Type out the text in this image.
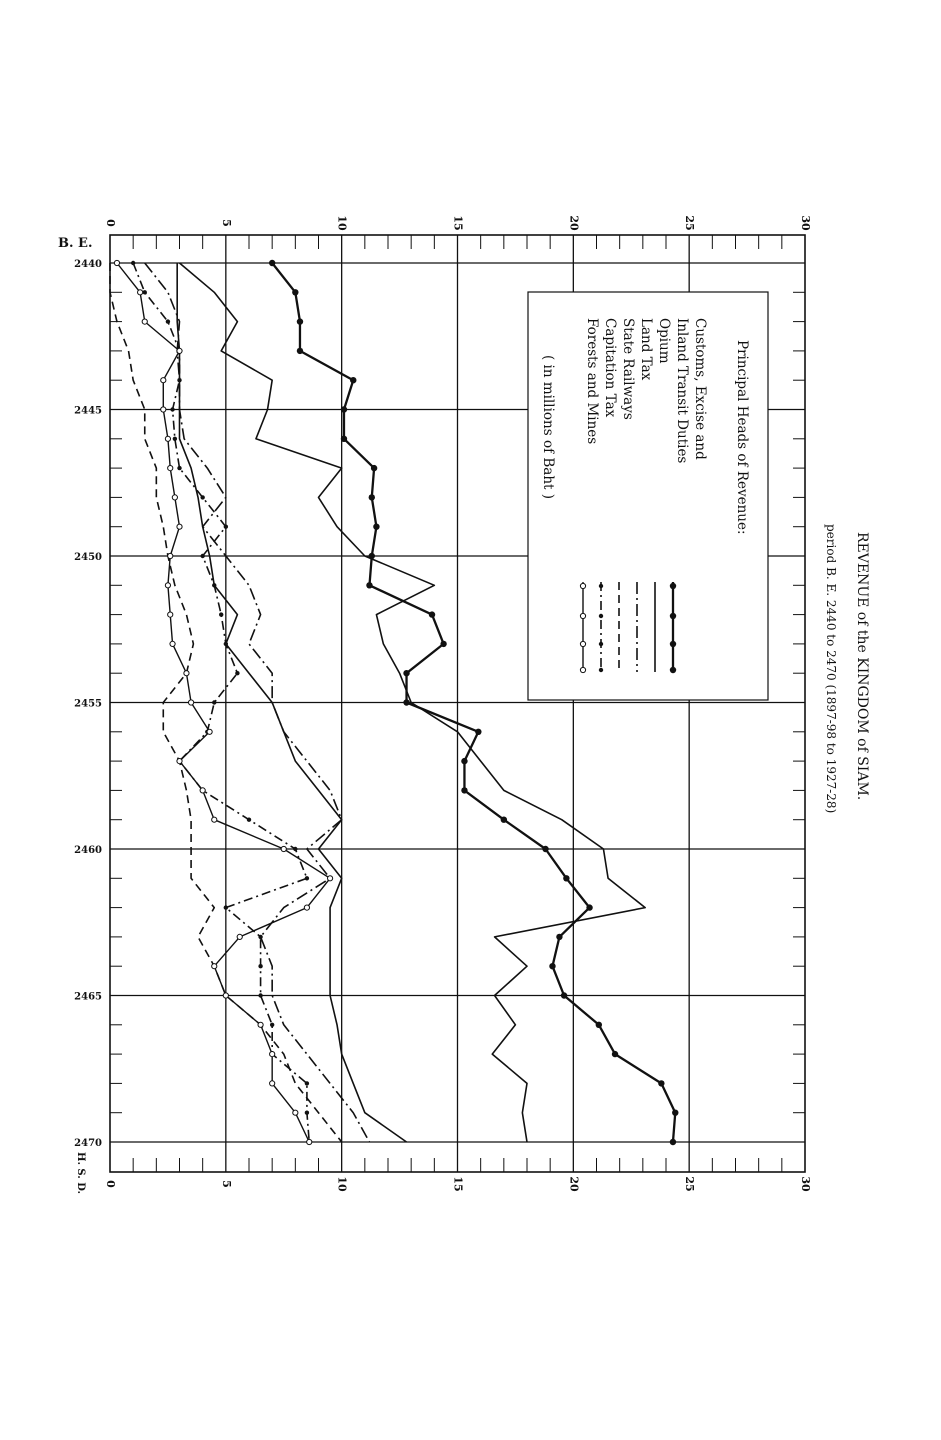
Principal Heads of Revenue:
( in millions of Baht )	Customs, Excise and
Inland Transit Duties
Opium
Land Tax
State Railways
Capitation Tax
Forests and Mines
REVENUE of the KINGDOM of SIAM.
period B. E. 2440 to 2470 (1897-98 to 1927-28)
B. E.
H. S. D.
0
0
5
5
10
10
15
15
20
20
25
25
30
30
2440
2445
2450
2455
2460
2465
2470
